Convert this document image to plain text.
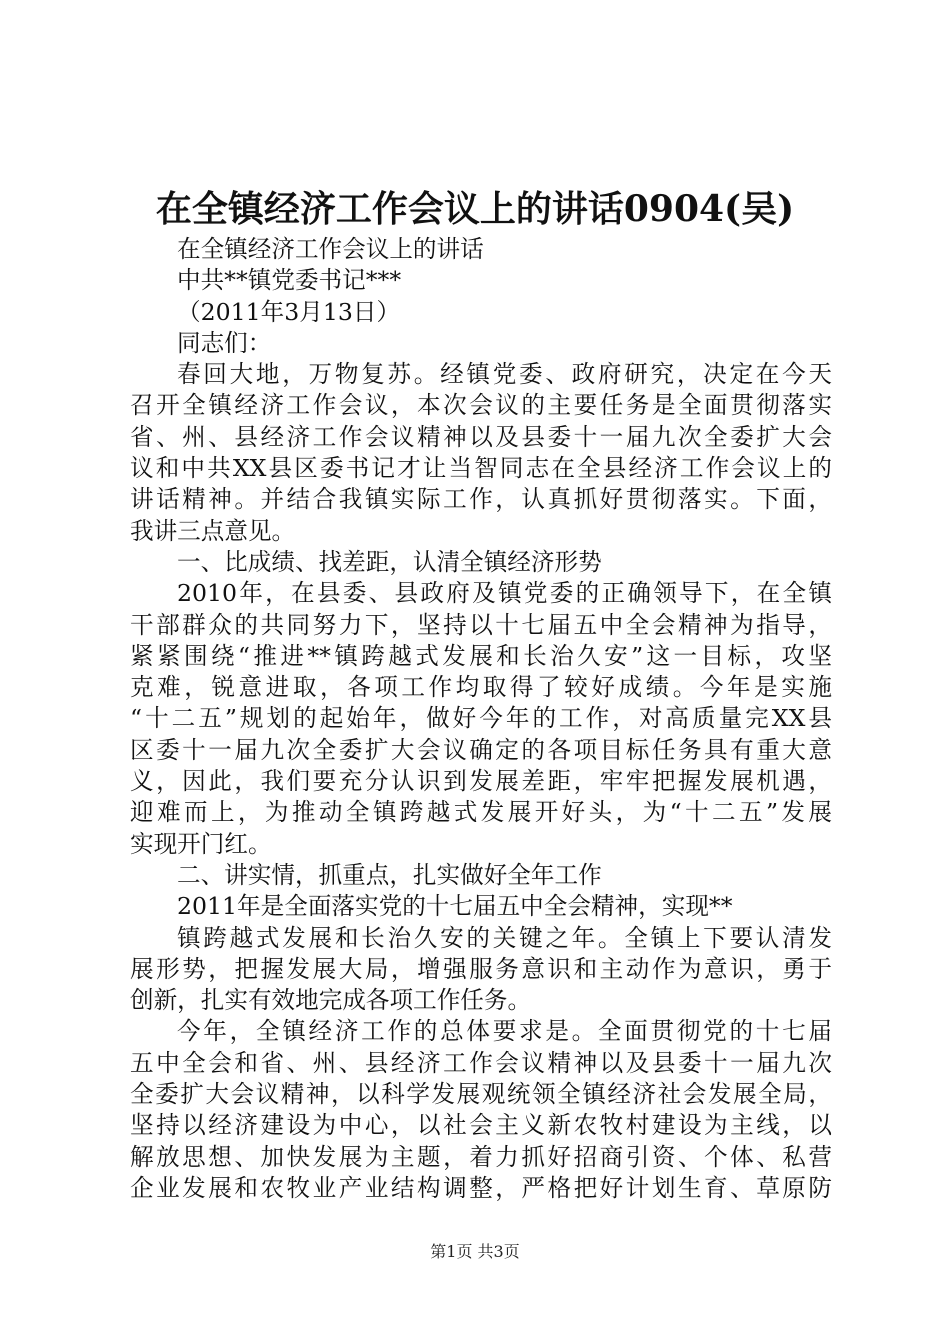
在全镇经济工作会议上的讲话0904(吴)
在全镇经济工作会议上的讲话
中共**镇党委书记***
（2011年3月13日）
同志们：
春回大地，万物复苏。经镇党委、政府研究，决定在今天
召开全镇经济工作会议，本次会议的主要任务是全面贯彻落实
省、州、县经济工作会议精神以及县委十一届九次全委扩大会
议和中共XX县区委书记才让当智同志在全县经济工作会议上的
讲话精神。并结合我镇实际工作，认真抓好贯彻落实。下面，
我讲三点意见。
一、比成绩、找差距，认清全镇经济形势
2010年，在县委、县政府及镇党委的正确领导下，在全镇
干部群众的共同努力下，坚持以十七届五中全会精神为指导，
紧紧围绕“推进**镇跨越式发展和长治久安”这一目标，攻坚
克难，锐意进取，各项工作均取得了较好成绩。今年是实施
“十二五”规划的起始年，做好今年的工作，对高质量完XX县
区委十一届九次全委扩大会议确定的各项目标任务具有重大意
义，因此，我们要充分认识到发展差距，牢牢把握发展机遇，
迎难而上，为推动全镇跨越式发展开好头，为“十二五”发展
实现开门红。
二、讲实情，抓重点，扎实做好全年工作
2011年是全面落实党的十七届五中全会精神，实现**
镇跨越式发展和长治久安的关键之年。全镇上下要认清发
展形势，把握发展大局，增强服务意识和主动作为意识，勇于
创新，扎实有效地完成各项工作任务。
今年，全镇经济工作的总体要求是。全面贯彻党的十七届
五中全会和省、州、县经济工作会议精神以及县委十一届九次
全委扩大会议精神，以科学发展观统领全镇经济社会发展全局，
坚持以经济建设为中心，以社会主义新农牧村建设为主线，以
解放思想、加快发展为主题，着力抓好招商引资、个体、私营
企业发展和农牧业产业结构调整，严格把好计划生育、草原防
第1页 共3页
